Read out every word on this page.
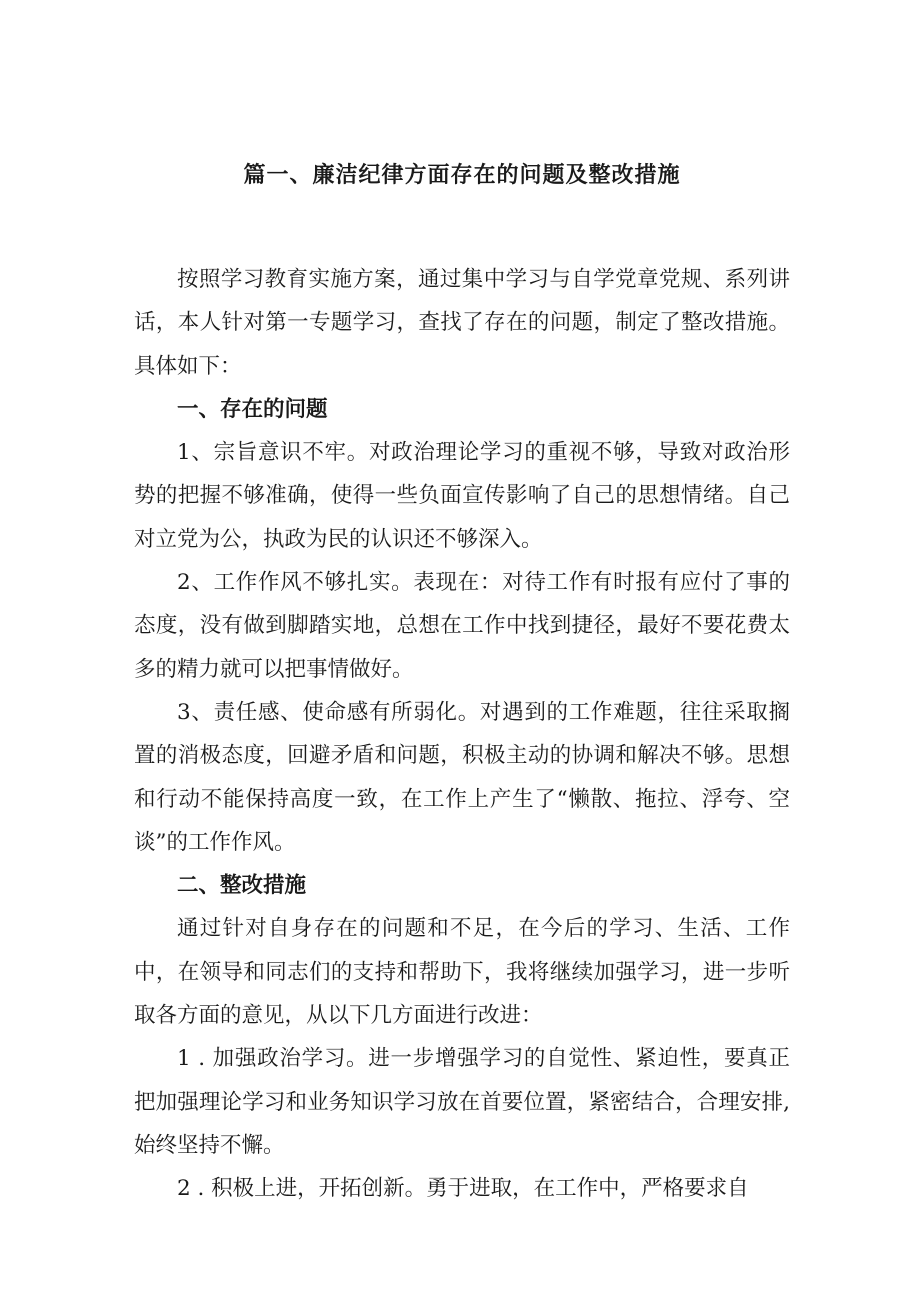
篇一、廉洁纪律方面存在的问题及整改措施

按照学习教育实施方案，通过集中学习与自学党章党规、系列讲话，本人针对第一专题学习，查找了存在的问题，制定了整改措施。具体如下：

一、存在的问题

1、宗旨意识不牢。对政治理论学习的重视不够，导致对政治形势的把握不够准确，使得一些负面宣传影响了自己的思想情绪。自己对立党为公，执政为民的认识还不够深入。

2、工作作风不够扎实。表现在：对待工作有时报有应付了事的态度，没有做到脚踏实地，总想在工作中找到捷径，最好不要花费太多的精力就可以把事情做好。

3、责任感、使命感有所弱化。对遇到的工作难题，往往采取搁置的消极态度，回避矛盾和问题，积极主动的协调和解决不够。思想和行动不能保持高度一致，在工作上产生了“懒散、拖拉、浮夸、空谈”的工作作风。

二、整改措施

通过针对自身存在的问题和不足，在今后的学习、生活、工作中，在领导和同志们的支持和帮助下，我将继续加强学习，进一步听取各方面的意见，从以下几方面进行改进：

1 . 加强政治学习。进一步增强学习的自觉性、紧迫性，要真正把加强理论学习和业务知识学习放在首要位置，紧密结合，合理安排, 始终坚持不懈。

2 . 积极上进，开拓创新。勇于进取，在工作中，严格要求自
